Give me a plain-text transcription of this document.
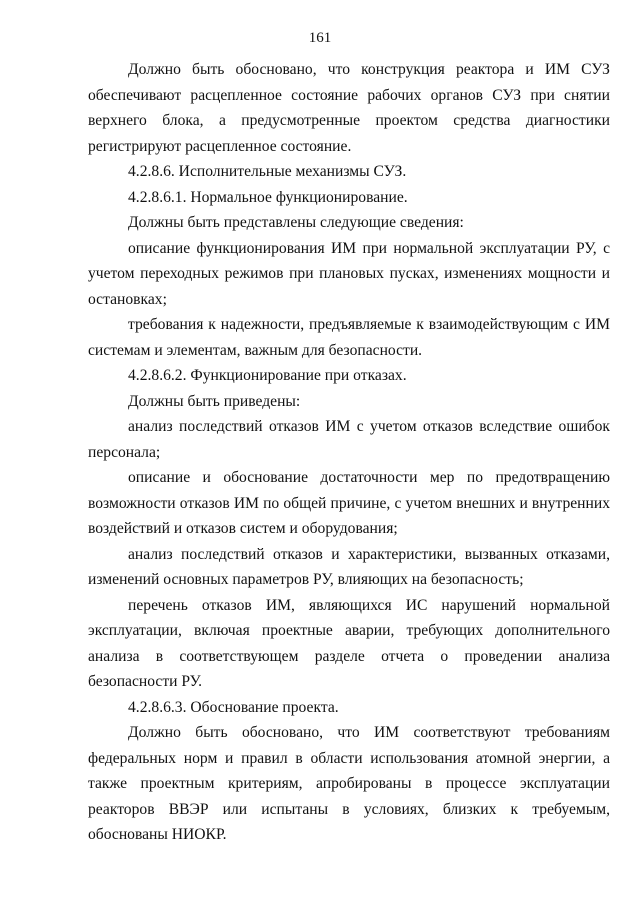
161

Должно быть обосновано, что конструкция реактора и ИМ СУЗ обеспечивают расцепленное состояние рабочих органов СУЗ при снятии верхнего блока, а предусмотренные проектом средства диагностики регистрируют расцепленное состояние.

4.2.8.6. Исполнительные механизмы СУЗ.

4.2.8.6.1. Нормальное функционирование.

Должны быть представлены следующие сведения:

описание функционирования ИМ при нормальной эксплуатации РУ, с учетом переходных режимов при плановых пусках, изменениях мощности и остановках;

требования к надежности, предъявляемые к взаимодействующим с ИМ системам и элементам, важным для безопасности.

4.2.8.6.2. Функционирование при отказах.

Должны быть приведены:

анализ последствий отказов ИМ с учетом отказов вследствие ошибок персонала;

описание и обоснование достаточности мер по предотвращению возможности отказов ИМ по общей причине, с учетом внешних и внутренних воздействий и отказов систем и оборудования;

анализ последствий отказов и характеристики, вызванных отказами, изменений основных параметров РУ, влияющих на безопасность;

перечень отказов ИМ, являющихся ИС нарушений нормальной эксплуатации, включая проектные аварии, требующих дополнительного анализа в соответствующем разделе отчета о проведении анализа безопасности РУ.

4.2.8.6.3. Обоснование проекта.

Должно быть обосновано, что ИМ соответствуют требованиям федеральных норм и правил в области использования атомной энергии, а также проектным критериям, апробированы в процессе эксплуатации реакторов ВВЭР или испытаны в условиях, близких к требуемым, обоснованы НИОКР.
